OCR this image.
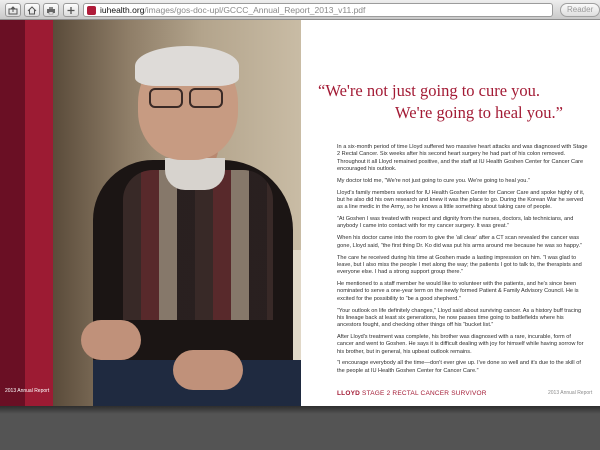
iuhealth.org/images/gos-doc-upl/GCCC_Annual_Report_2013_v11.pdf	Reader
“We're not just going to cure you.
We're going to heal you.”

In a six-month period of time Lloyd suffered two massive heart attacks and was diagnosed with Stage 2 Rectal Cancer. Six weeks after his second heart surgery he had part of his colon removed. Throughout it all Lloyd remained positive, and the staff at IU Health Goshen Center for Cancer Care encouraged his outlook.

My doctor told me, “We're not just going to cure you. We're going to heal you.”

Lloyd's family members worked for IU Health Goshen Center for Cancer Care and spoke highly of it, but he also did his own research and knew it was the place to go. During the Korean War he served as a line medic in the Army, so he knows a little something about taking care of people.

“At Goshen I was treated with respect and dignity from the nurses, doctors, lab technicians, and anybody I came into contact with for my cancer surgery. It was great.”

When his doctor came into the room to give the 'all clear' after a CT scan revealed the cancer was gone, Lloyd said, “the first thing Dr. Ko did was put his arms around me because he was so happy.”

The care he received during his time at Goshen made a lasting impression on him. “I was glad to leave, but I also miss the people I met along the way; the patients I got to talk to, the therapists and everyone else. I had a strong support group there.”

He mentioned to a staff member he would like to volunteer with the patients, and he's since been nominated to serve a one-year term on the newly formed Patient & Family Advisory Council. He is excited for the possibility to “be a good shepherd.”

“Your outlook on life definitely changes,” Lloyd said about surviving cancer. As a history buff tracing his lineage back at least six generations, he now passes time going to battlefields where his ancestors fought, and checking other things off his “bucket list.”

After Lloyd's treatment was complete, his brother was diagnosed with a rare, incurable, form of cancer and went to Goshen. He says it is difficult dealing with joy for himself while having sorrow for his brother, but in general, his upbeat outlook remains.

“I encourage everybody all the time—don't ever give up. I've done so well and it's due to the skill of the people at IU Health Goshen Center for Cancer Care.”

LLOYD STAGE 2 RECTAL CANCER SURVIVOR
2013 Annual Report	2013 Annual Report
